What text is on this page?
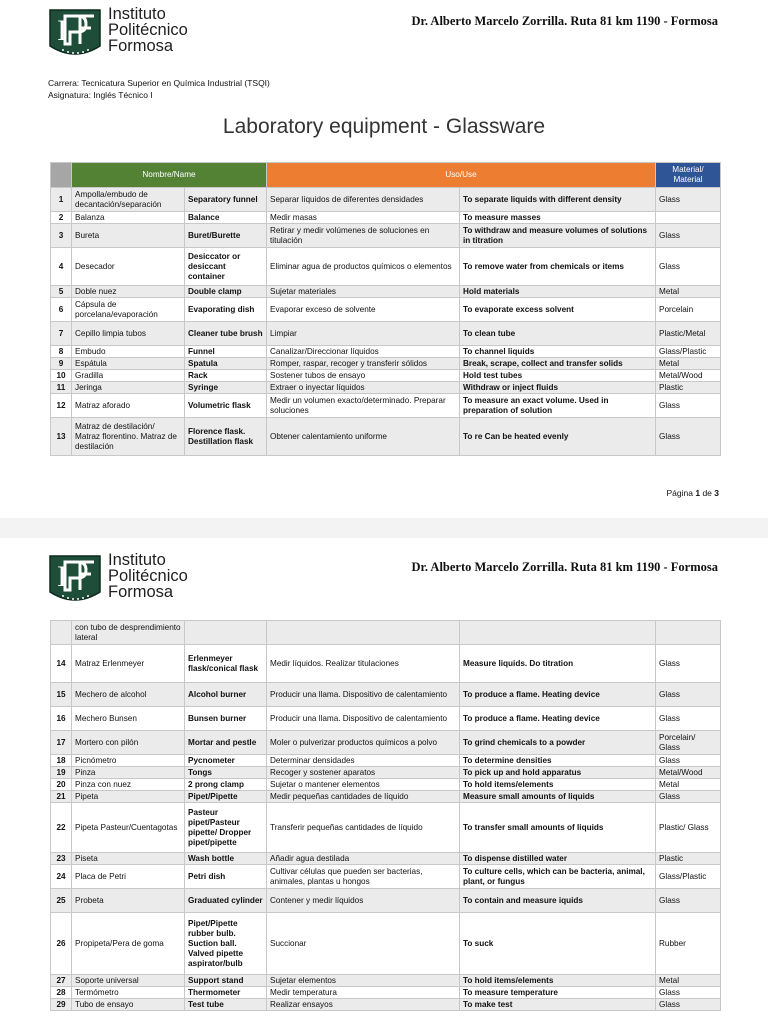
I Instituto
Politécnico
Formosa
Dr. Alberto Marcelo Zorrilla. Ruta 81 km 1190 - Formosa
Carrera: Tecnicatura Superior en Química Industrial (TSQI)
Asignatura: Inglés Técnico I
Laboratory equipment - Glassware
	Nombre/Name		Uso/Use		Material/ Material
1	Ampolla/embudo de decantación/separación	Separatory funnel	Separar líquidos de diferentes densidades	To separate liquids with different density	Glass
2	Balanza	Balance	Medir masas	To measure masses	
3	Bureta	Buret/Burette	Retirar y medir volúmenes de soluciones en titulación	To withdraw and measure volumes of solutions in titration	Glass
4	Desecador	Desiccator or desiccant container	Eliminar agua de productos químicos o elementos	To remove water from chemicals or items	Glass
5	Doble nuez	Double clamp	Sujetar materiales	Hold materials	Metal
6	Cápsula de porcelana/evaporación	Evaporating dish	Evaporar exceso de solvente	To evaporate excess solvent	Porcelain
7	Cepillo limpia tubos	Cleaner tube brush	Limpiar	To clean tube	Plastic/Metal
8	Embudo	Funnel	Canalizar/Direccionar líquidos	To channel liquids	Glass/Plastic
9	Espátula	Spatula	Romper, raspar, recoger y transferir sólidos	Break, scrape, collect and transfer solids	Metal
10	Gradilla	Rack	Sostener tubos de ensayo	Hold test tubes	Metal/Wood
11	Jeringa	Syringe	Extraer o inyectar líquidos	Withdraw or inject fluids	Plastic
12	Matraz aforado	Volumetric flask	Medir un volumen exacto/determinado. Preparar soluciones	To measure an exact volume. Used in preparation of solution	Glass
13	Matraz de destilación/ Matraz florentino. Matraz de destilación	Florence flask. Destillation flask	Obtener calentamiento uniforme	To re Can be heated evenly	Glass
Página 1 de 3
I Instituto
Politécnico
Formosa
Dr. Alberto Marcelo Zorrilla. Ruta 81 km 1190 - Formosa
	con tubo de desprendimiento lateral				
14	Matraz Erlenmeyer	Erlenmeyer flask/conical flask	Medir líquidos. Realizar titulaciones	Measure liquids. Do titration	Glass
15	Mechero de alcohol	Alcohol burner	Producir una llama. Dispositivo de calentamiento	To produce a flame. Heating device	Glass
16	Mechero Bunsen	Bunsen burner	Producir una llama. Dispositivo de calentamiento	To produce a flame. Heating device	Glass
17	Mortero con pilón	Mortar and pestle	Moler o pulverizar productos químicos a polvo	To grind chemicals to a powder	Porcelain/ Glass
18	Picnómetro	Pycnometer	Determinar densidades	To determine densities	Glass
19	Pinza	Tongs	Recoger y sostener aparatos	To pick up and hold apparatus	Metal/Wood
20	Pinza con nuez	2 prong clamp	Sujetar o mantener elementos	To hold items/elements	Metal
21	Pipeta	Pipet/Pipette	Medir pequeñas cantidades de líquido	Measure small amounts of liquids	Glass
22	Pipeta Pasteur/Cuentagotas	Pasteur pipet/Pasteur pipette/ Dropper pipet/pipette	Transferir pequeñas cantidades de líquido	To transfer small amounts of liquids	Plastic/ Glass
23	Piseta	Wash bottle	Añadir agua destilada	To dispense distilled water	Plastic
24	Placa de Petri	Petri dish	Cultivar células que pueden ser bacterias, animales, plantas u hongos	To culture cells, which can be bacteria, animal, plant, or fungus	Glass/Plastic
25	Probeta	Graduated cylinder	Contener y medir líquidos	To contain and measure iquids	Glass
26	Propipeta/Pera de goma	Pipet/Pipette rubber bulb. Suction ball. Valved pipette aspirator/bulb	Succionar	To suck	Rubber
27	Soporte universal	Support stand	Sujetar elementos	To hold items/elements	Metal
28	Termómetro	Thermometer	Medir temperatura	To measure temperature	Glass
29	Tubo de ensayo	Test tube	Realizar ensayos	To make test	Glass
